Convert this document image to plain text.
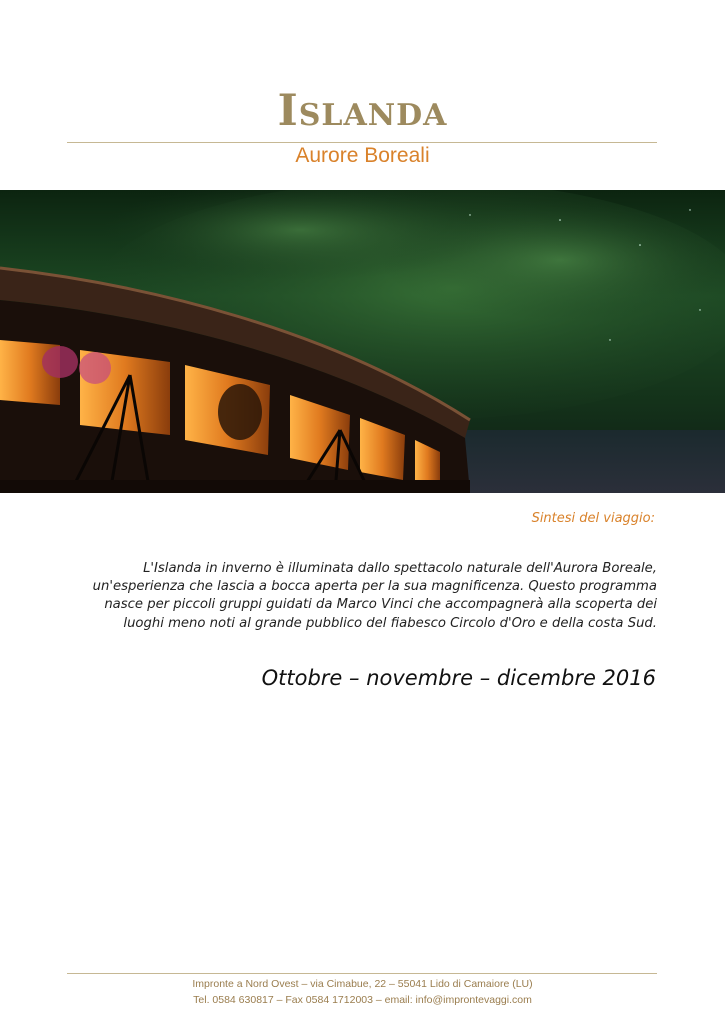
ISLANDA
Aurore Boreali
Sintesi del viaggio:
L'Islanda in inverno è illuminata dallo spettacolo naturale dell'Aurora Boreale, un'esperienza che lascia a bocca aperta per la sua magnificenza. Questo programma nasce per piccoli gruppi guidati da Marco Vinci che accompagnerà alla scoperta dei luoghi meno noti al grande pubblico del fiabesco Circolo d'Oro e della costa Sud.
Ottobre – novembre – dicembre 2016
Impronte a Nord Ovest – via Cimabue, 22 – 55041 Lido di Camaiore (LU)
Tel. 0584 630817 – Fax 0584 1712003 – email: info@improntevaggi.com
